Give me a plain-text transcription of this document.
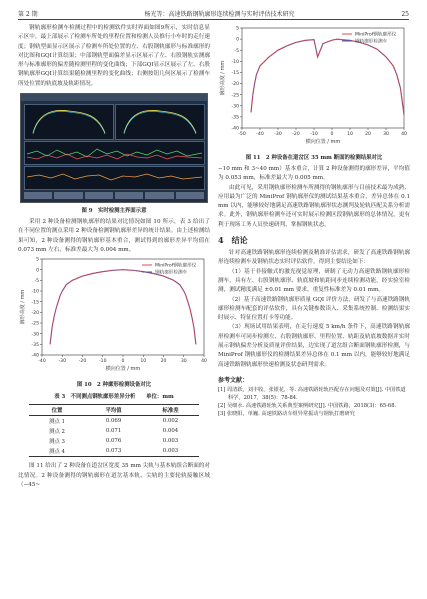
第 2 期	杨光等：高速铁路钢轨廓形连续检测与实时评估技术研究	25

钢轨廓形检测车检测过程中的检测软件实时界面如图9所示，实时信息显示区中，最上部展示了检测车所处的里程位置和检测人员推行小车时的走行速度；钢轨型面显示区展示了检测车所处位置的左、右股钢轨廓形与标准廓形的对比图和GQI计算结果；中部钢轨型面偏差显示区展示了左、右股钢轨实测廓形与标准廓形的偏差随检测里程的变化曲线；下部GQI显示区展示了左、右股钢轨廓形GQI计算结果随检测里程的变化曲线；右侧按钮几何区展示了检测车所处位置的轨底坡及轨距情况。

图 9　实时检测主界面示意

采用 2 种设备检测钢轨廓形的结果对比情况如图 10 所示，表 3 给出了在不同位置的测点采用 2 种设备检测钢轨廓形差异的统计结果。由上述检测结果可知，2 种设备测得的钢轨廓形基本重合，测试得到的廓形差异平均值在 0.073 mm 左右，标准差最大为 0.004 mm。

-40	-30	-20	-10	0	10	20	30	40
-40
-35
-30
-25
-20
-15
-10
-5
0
5
横向位置 / mm
廓形高度 / mm
MiniProf钢轨廓形仪
钢轨廓形检测车
图 10　2 种廓形检测设备对比
表 3　不同测点钢轨廓形差异分析　　单位：mm
位置	平均值	标准差
测点 1	0.069	0.002
测点 2	0.071	0.004
测点 3	0.076	0.003
测点 4	0.073	0.003

图 11 给出了 2 种设备在道岔区宽度 35 mm 尖轨与基本轨组合断面的对比情况。2 种设备测得的钢轨廓形在道岔基本轨、尖轨的主要轮轨接触区域（−45~

-50 -40 -30 -20 -10	0	10	20	30	40
-40
-35
-30
-25
-20
-15
-10
-5
0
5
横向位置 / mm
廓形高度 / mm
MiniProf钢轨廓形仪
钢轨廓形检测车
图 11　2 种设备在道岔区 35 mm 断面的检测结果对比

−10 mm 和 3~40 mm）基本重合，计算 2 种设备测得的廓形差异，平均值为 0.053 mm，标准差最大为 0.005 mm。

由此可见，采用钢轨廓形检测车所测得的钢轨廓形与目前技术最为成熟、应用最为广泛的 MiniProf 钢轨廓形仪的测试结果基本重合，差异总体在 0.1 mm 以内，能够较好地满足高速铁路钢轨廓形状态测判及轮轨匹配关系分析需求。此外，钢轨廓形检测车还可实时展示检测区段钢轨廓形的总体情况，更有利于现场工务人员快速研判、掌握钢轨状态。

4 结论

针对高速铁路钢轨廓形连续检测及精准评估需求，研发了高速铁路钢轨廓形连续检测车及钢轨状态实时评估软件，得到主要结论如下：

（1）基于非接触式的激光视觉原理，研制了无动力高速铁路钢轨廓形检测车，具有左、右股钢轨廓形、轨底坡和轨距同步连续检测功能，经实验室检测，测试精度满足 ±0.01 mm 要求，重复性标准差为 0.01 mm。

（2）基于高速铁路钢轨廓形质量 GQI 评价方法，研发了与高速铁路钢轨廓形检测车配套的评估软件，具有关键参数读入、采集系统控制、检测结果实时展示、特征位置打卡等功能。

（3）现场试用结果表明，在走行速度 5 km/h 条件下，高速铁路钢轨廓形检测车可同步检测左、右股钢轨廓形、里程位置、轨距及轨底坡数据并实时展示钢轨偏差分析及质量评价结果，边实现了道岔组合断面钢轨廓形检测，与 MiniProf 钢轨廓形仪的检测结果差异总体在 0.1 mm 以内，能够较好地满足高速铁路钢轨廓形快速检测及状态研判需求。

参考文献：

[1] 周清跃，刘丰收，张银花，等. 高速铁路轮轨匹配存在问题及对策[J]. 中国铁道科学，2017，38(5)：78-84.

[2] 吴细水. 高速铁路轮轨关系典型案例研究[J]. 中国铁路，2018(3)：65-68.

[3] 张晓阳，单巍. 高速铁路动车组异常振动与钢轨打磨研究
